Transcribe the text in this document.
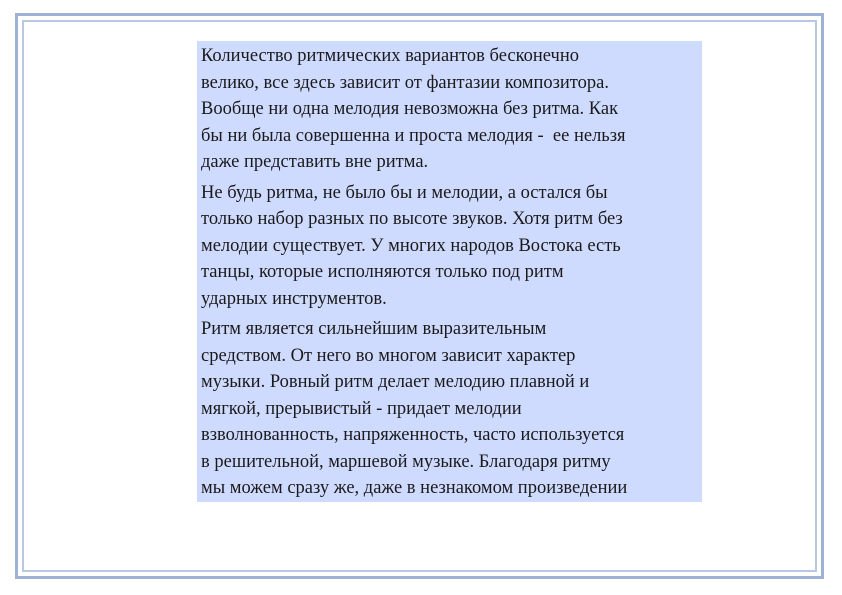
Количество ритмических вариантов бесконечно
велико, все здесь зависит от фантазии композитора.
Вообще ни одна мелодия невозможна без ритма. Как
бы ни была совершенна и проста мелодия -  ее нельзя
даже представить вне ритма.
Не будь ритма, не было бы и мелодии, а остался бы
только набор разных по высоте звуков. Хотя ритм без
мелодии существует. У многих народов Востока есть
танцы, которые исполняются только под ритм
ударных инструментов.
Ритм является сильнейшим выразительным
средством. От него во многом зависит характер
музыки. Ровный ритм делает мелодию плавной и
мягкой, прерывистый - придает мелодии
взволнованность, напряженность, часто используется
в решительной, маршевой музыке. Благодаря ритму
мы можем сразу же, даже в незнакомом произведении
